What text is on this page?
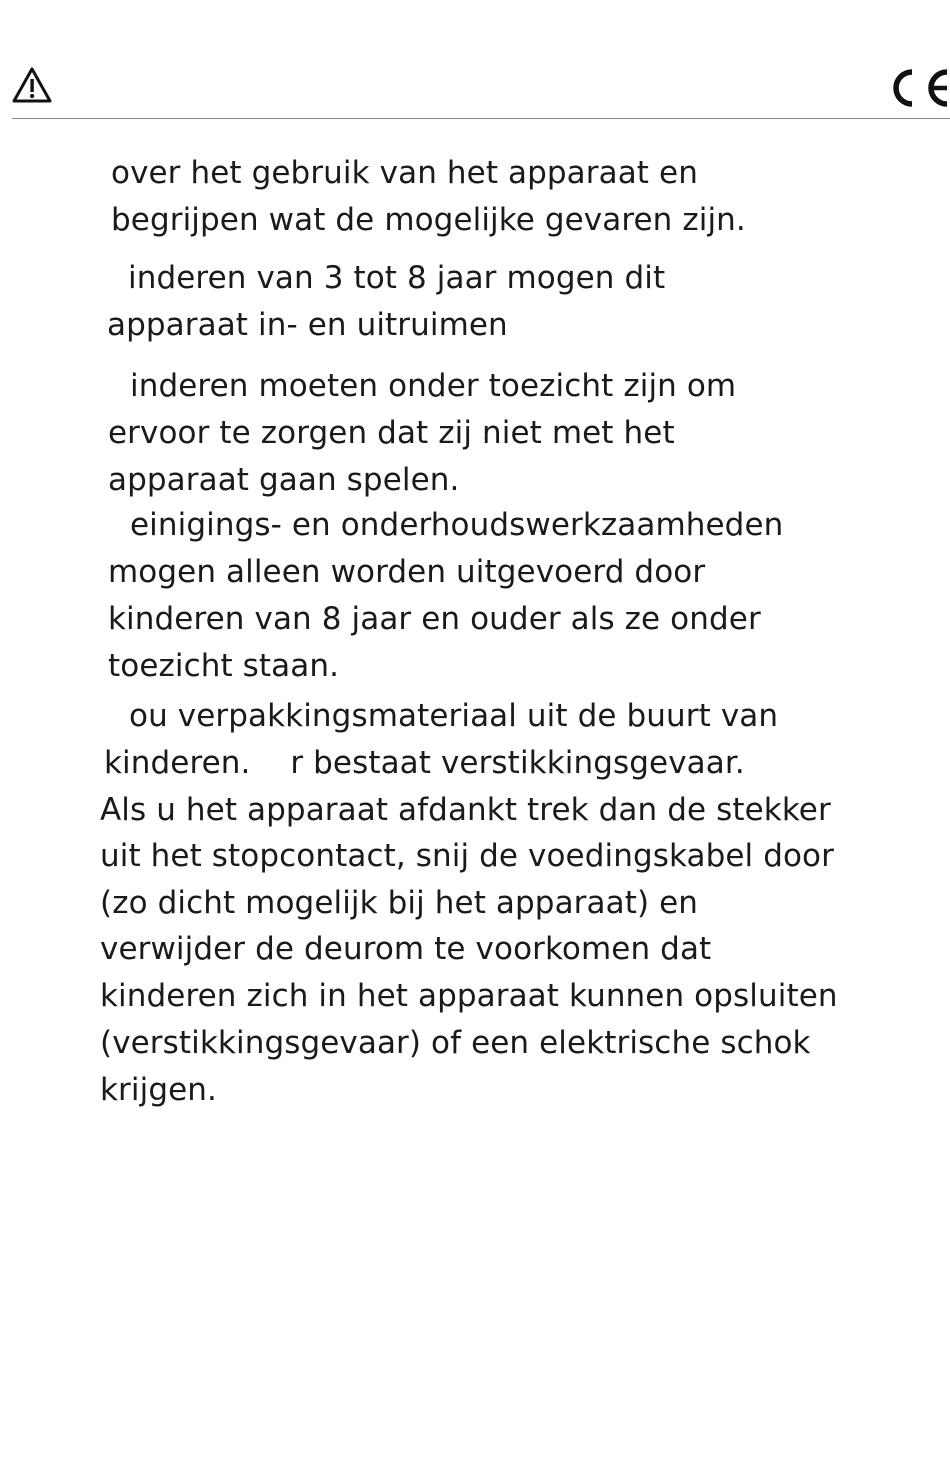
over het gebruik van het apparaat en
begrijpen wat de mogelijke gevaren zijn.
inderen van 3 tot 8 jaar mogen dit
apparaat in- en uitruimen
inderen moeten onder toezicht zijn om
ervoor te zorgen dat zij niet met het
apparaat gaan spelen.
einigings- en onderhoudswerkzaamheden
mogen alleen worden uitgevoerd door
kinderen van 8 jaar en ouder als ze onder
toezicht staan.
ou verpakkingsmateriaal uit de buurt van
kinderen.    r bestaat verstikkingsgevaar.
Als u het apparaat afdankt trek dan de stekker
uit het stopcontact, snij de voedingskabel door
(zo dicht mogelijk bij het apparaat) en
verwijder de deurom te voorkomen dat
kinderen zich in het apparaat kunnen opsluiten
(verstikkingsgevaar) of een elektrische schok
krijgen.
